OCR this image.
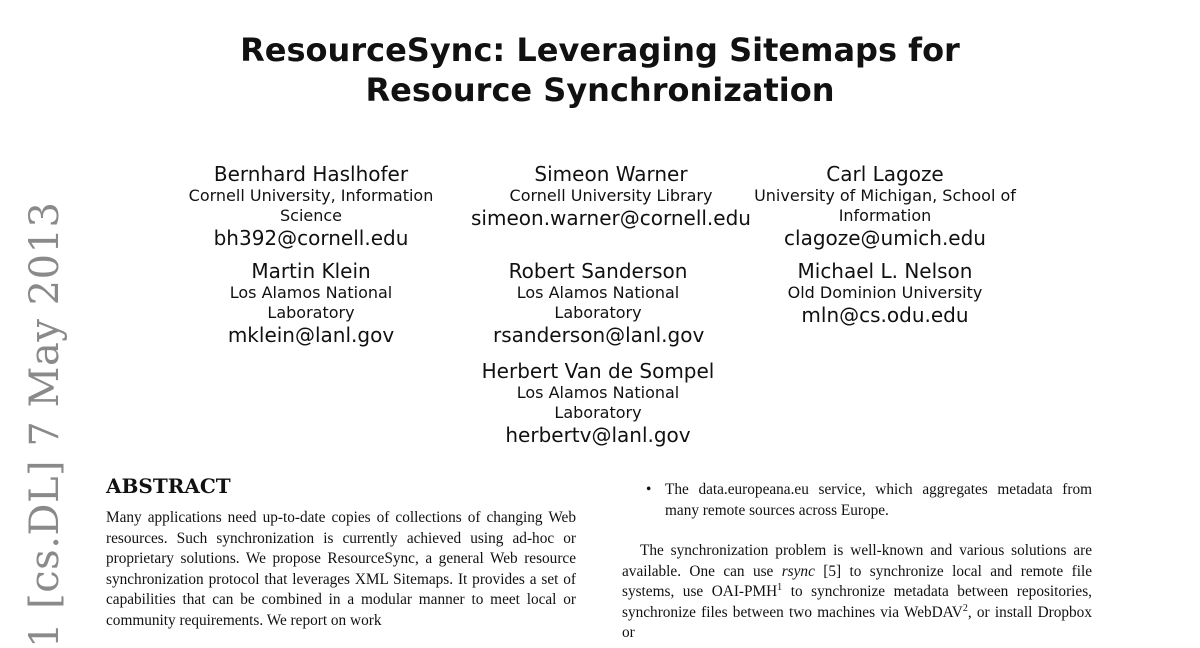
1 [cs.DL] 7 May 2013
ResourceSync: Leveraging Sitemaps for Resource Synchronization
Bernhard Haslhofer
Cornell University, Information Science
bh392@cornell.edu
Simeon Warner
Cornell University Library
simeon.warner@cornell.edu
Carl Lagoze
University of Michigan, School of Information
clagoze@umich.edu
Martin Klein
Los Alamos National Laboratory
mklein@lanl.gov
Robert Sanderson
Los Alamos National Laboratory
rsanderson@lanl.gov
Michael L. Nelson
Old Dominion University
mln@cs.odu.edu
Herbert Van de Sompel
Los Alamos National Laboratory
herbertv@lanl.gov
ABSTRACT
Many applications need up-to-date copies of collections of changing Web resources. Such synchronization is currently achieved using ad-hoc or proprietary solutions. We propose ResourceSync, a general Web resource synchronization protocol that leverages XML Sitemaps. It provides a set of capabilities that can be combined in a modular manner to meet local or community requirements. We report on work
• The data.europeana.eu service, which aggregates metadata from many remote sources across Europe.
The synchronization problem is well-known and various solutions are available. One can use rsync [5] to synchronize local and remote file systems, use OAI-PMH$^1$ to synchronize metadata between repositories, synchronize files between two machines via WebDAV$^2$, or install Dropbox or
